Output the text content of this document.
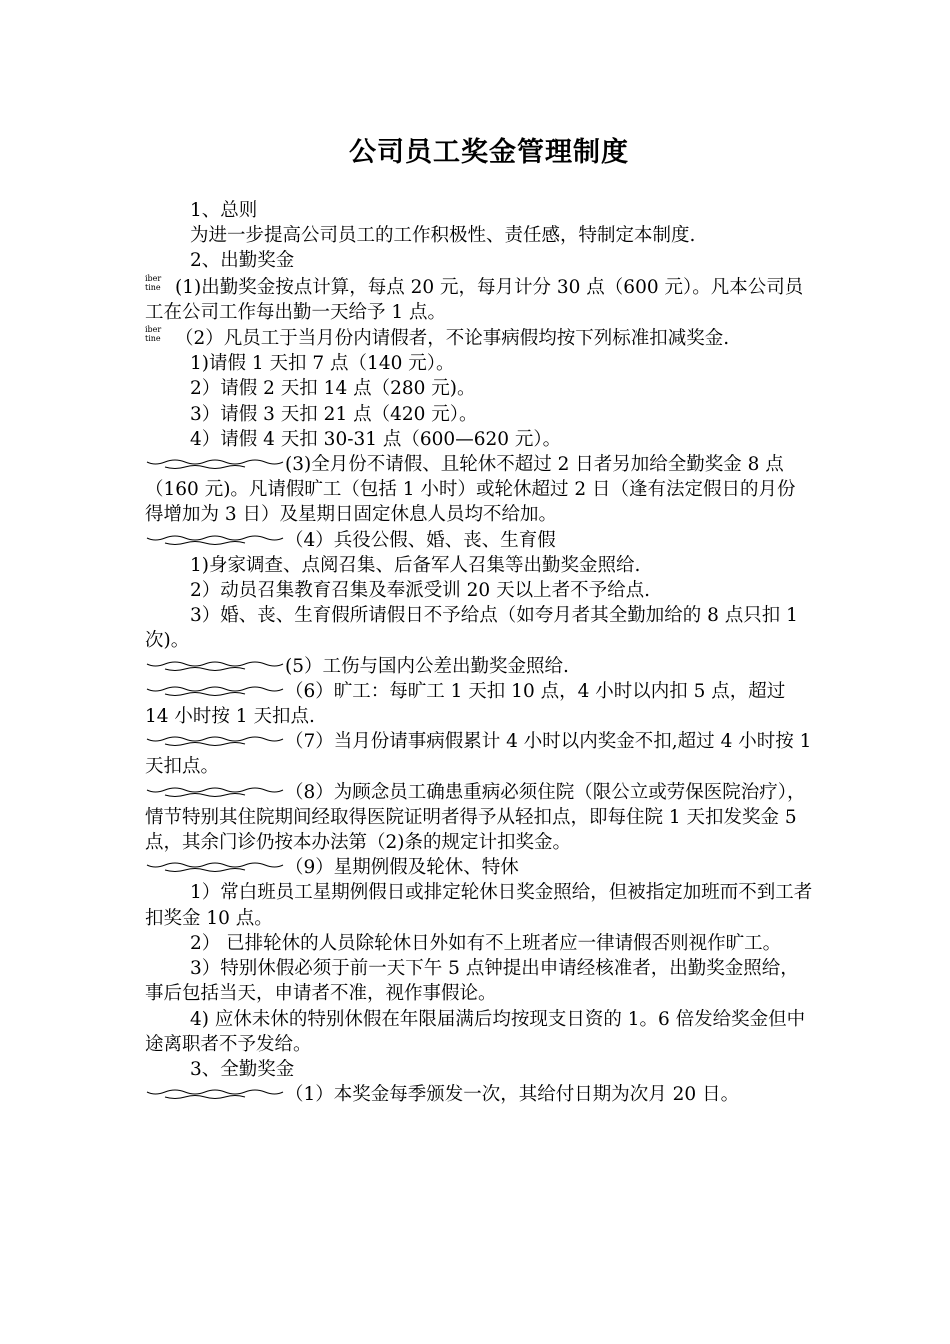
公司员工奖金管理制度

1、总则

为进一步提高公司员工的工作积极性、责任感，特制定本制度.

2、出勤奖金

iber
tine (1)出勤奖金按点计算，每点 20 元，每月计分 30 点（600 元）。凡本公司员工在公司工作每出勤一天给予 1 点。

iber
tine （2）凡员工于当月份内请假者，不论事病假均按下列标准扣减奖金.

1)请假 1 天扣 7 点（140 元）。

2）请假 2 天扣 14 点（280 元)。

3）请假 3 天扣 21 点（420 元）。

4）请假 4 天扣 30-31 点（600—620 元）。

(3)全月份不请假、且轮休不超过 2 日者另加给全勤奖金 8 点（160 元)。凡请假旷工（包括 1 小时）或轮休超过 2 日（逢有法定假日的月份得增加为 3 日）及星期日固定休息人员均不给加。

（4）兵役公假、婚、丧、生育假

1)身家调查、点阅召集、后备军人召集等出勤奖金照给.

2）动员召集教育召集及奉派受训 20 天以上者不予给点.

3）婚、丧、生育假所请假日不予给点（如夸月者其全勤加给的 8 点只扣 1 次)。

(5）工伤与国内公差出勤奖金照给.

（6）旷工：每旷工 1 天扣 10 点，4 小时以内扣 5 点，超过 14 小时按 1 天扣点.

（7）当月份请事病假累计 4 小时以内奖金不扣,超过 4 小时按 1 天扣点。

（8）为顾念员工确患重病必须住院（限公立或劳保医院治疗），情节特别其住院期间经取得医院证明者得予从轻扣点，即每住院 1 天扣发奖金 5 点，其余门诊仍按本办法第（2)条的规定计扣奖金。

（9）星期例假及轮休、特休

1）常白班员工星期例假日或排定轮休日奖金照给，但被指定加班而不到工者扣奖金 10 点。

2） 已排轮休的人员除轮休日外如有不上班者应一律请假否则视作旷工。

3）特别休假必须于前一天下午 5 点钟提出申请经核准者，出勤奖金照给，事后包括当天，申请者不准，视作事假论。

4) 应休未休的特别休假在年限届满后均按现支日资的 1。6 倍发给奖金但中途离职者不予发给。

3、全勤奖金

（1）本奖金每季颁发一次，其给付日期为次月 20 日。
